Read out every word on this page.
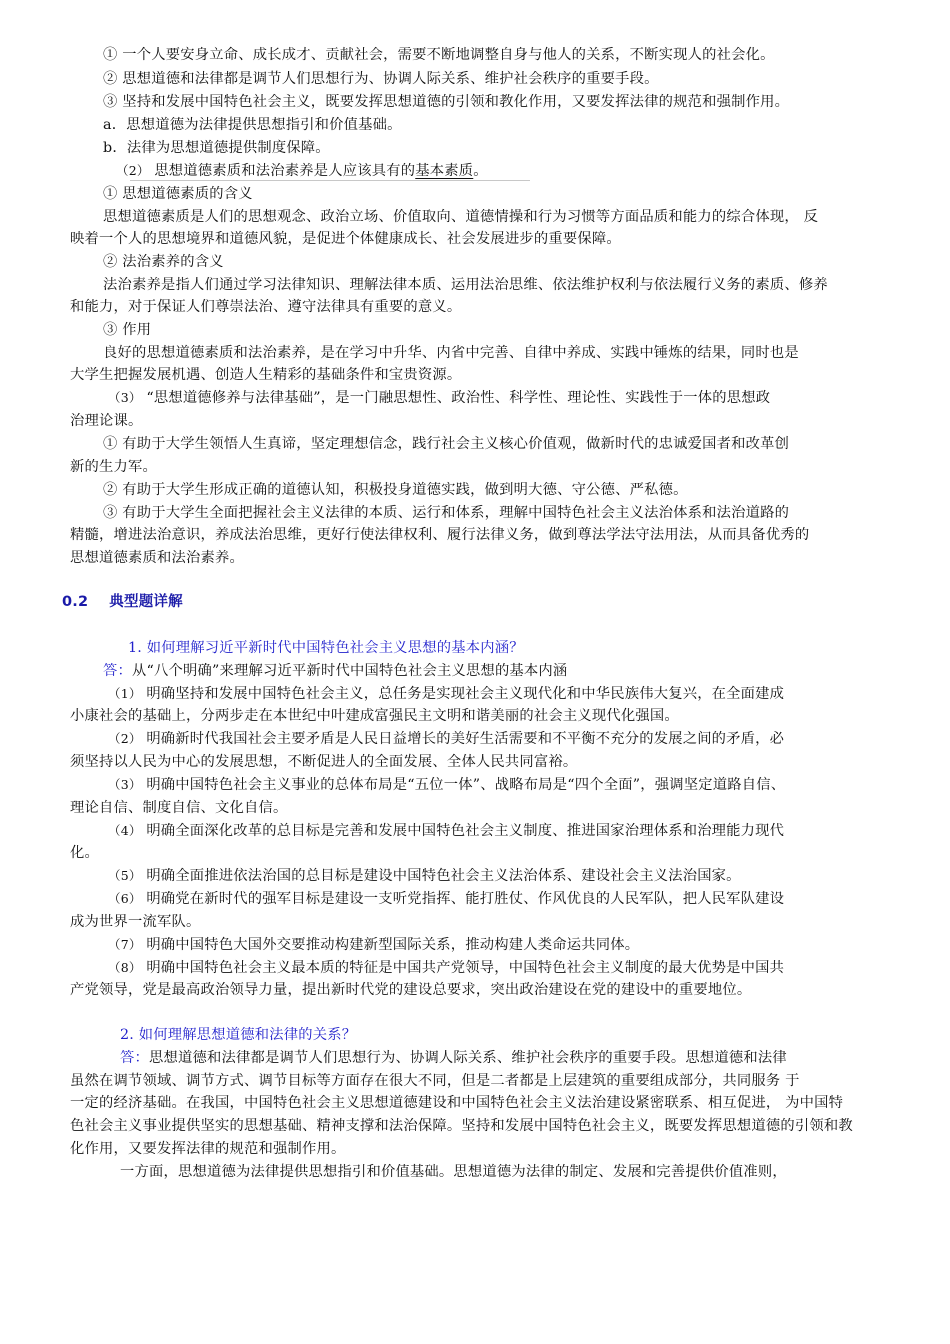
① 一个人要安身立命、成长成才、贡献社会，需要不断地调整自身与他人的关系，不断实现人的社会化。
② 思想道德和法律都是调节人们思想行为、协调人际关系、维护社会秩序的重要手段。
③ 坚持和发展中国特色社会主义，既要发挥思想道德的引领和教化作用，又要发挥法律的规范和强制作用。
a．思想道德为法律提供思想指引和价值基础。
b．法律为思想道德提供制度保障。
（2） 思想道德素质和法治素养是人应该具有的基本素质。
① 思想道德素质的含义
思想道德素质是人们的思想观念、政治立场、价值取向、道德情操和行为习惯等方面品质和能力的综合体现， 反
映着一个人的思想境界和道德风貌，是促进个体健康成长、社会发展进步的重要保障。
② 法治素养的含义
法治素养是指人们通过学习法律知识、理解法律本质、运用法治思维、依法维护权利与依法履行义务的素质、修养
和能力，对于保证人们尊崇法治、遵守法律具有重要的意义。
③ 作用
良好的思想道德素质和法治素养，是在学习中升华、内省中完善、自律中养成、实践中锤炼的结果，同时也是
大学生把握发展机遇、创造人生精彩的基础条件和宝贵资源。
（3） “思想道德修养与法律基础”，是一门融思想性、政治性、科学性、理论性、实践性于一体的思想政
治理论课。
① 有助于大学生领悟人生真谛，坚定理想信念，践行社会主义核心价值观，做新时代的忠诚爱国者和改革创
新的生力军。
② 有助于大学生形成正确的道德认知，积极投身道德实践，做到明大德、守公德、严私德。
③ 有助于大学生全面把握社会主义法律的本质、运行和体系，理解中国特色社会主义法治体系和法治道路的
精髓，增进法治意识，养成法治思维，更好行使法律权利、履行法律义务，做到尊法学法守法用法，从而具备优秀的
思想道德素质和法治素养。
0.2 典型题详解
1. 如何理解习近平新时代中国特色社会主义思想的基本内涵？
答：从“八个明确”来理解习近平新时代中国特色社会主义思想的基本内涵
（1） 明确坚持和发展中国特色社会主义，总任务是实现社会主义现代化和中华民族伟大复兴，在全面建成
小康社会的基础上，分两步走在本世纪中叶建成富强民主文明和谐美丽的社会主义现代化强国。
（2） 明确新时代我国社会主要矛盾是人民日益增长的美好生活需要和不平衡不充分的发展之间的矛盾，必
须坚持以人民为中心的发展思想，不断促进人的全面发展、全体人民共同富裕。
（3） 明确中国特色社会主义事业的总体布局是“五位一体”、战略布局是“四个全面”，强调坚定道路自信、
理论自信、制度自信、文化自信。
（4） 明确全面深化改革的总目标是完善和发展中国特色社会主义制度、推进国家治理体系和治理能力现代
化。
（5） 明确全面推进依法治国的总目标是建设中国特色社会主义法治体系、建设社会主义法治国家。
（6） 明确党在新时代的强军目标是建设一支听党指挥、能打胜仗、作风优良的人民军队，把人民军队建设
成为世界一流军队。
（7） 明确中国特色大国外交要推动构建新型国际关系，推动构建人类命运共同体。
（8） 明确中国特色社会主义最本质的特征是中国共产党领导，中国特色社会主义制度的最大优势是中国共
产党领导，党是最高政治领导力量，提出新时代党的建设总要求，突出政治建设在党的建设中的重要地位。
2. 如何理解思想道德和法律的关系？
答：思想道德和法律都是调节人们思想行为、协调人际关系、维护社会秩序的重要手段。思想道德和法律
虽然在调节领域、调节方式、调节目标等方面存在很大不同，但是二者都是上层建筑的重要组成部分，共同服务 于
一定的经济基础。在我国，中国特色社会主义思想道德建设和中国特色社会主义法治建设紧密联系、相互促进， 为中国特
色社会主义事业提供坚实的思想基础、精神支撑和法治保障。坚持和发展中国特色社会主义，既要发挥思想道德的引领和教
化作用，又要发挥法律的规范和强制作用。
一方面，思想道德为法律提供思想指引和价值基础。思想道德为法律的制定、发展和完善提供价值准则，
